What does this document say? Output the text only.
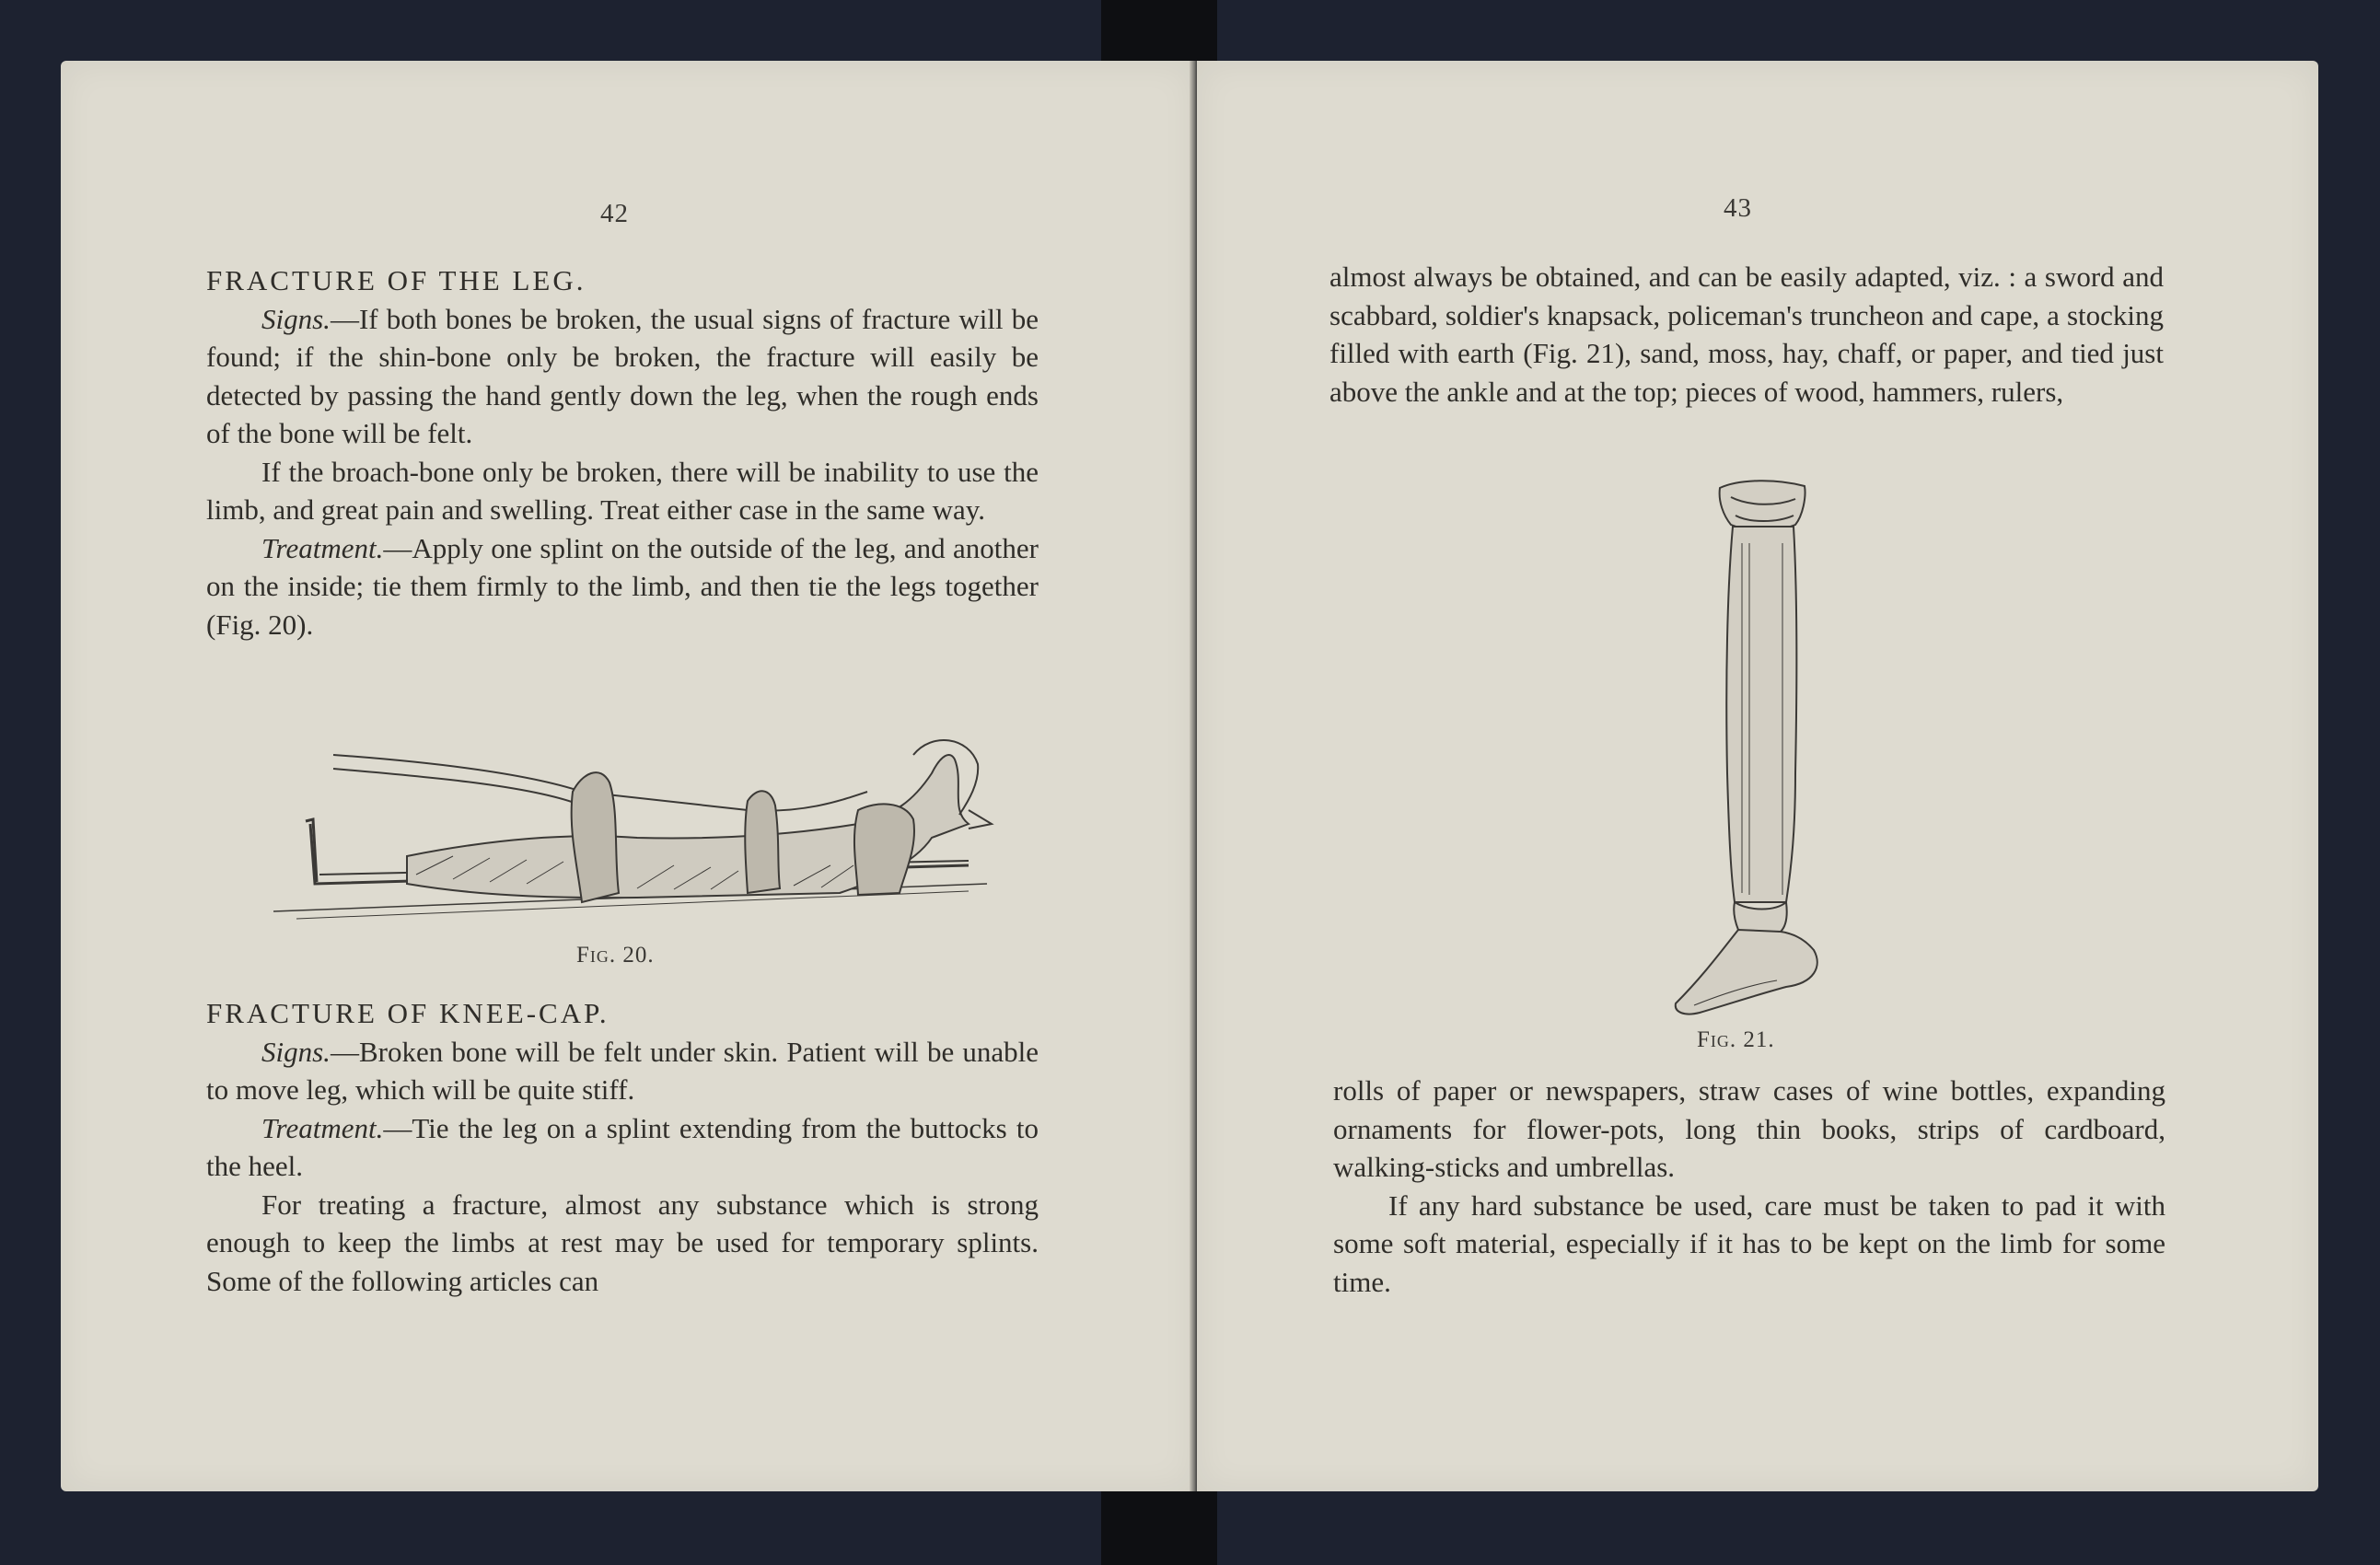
42

FRACTURE OF THE LEG.

Signs.—If both bones be broken, the usual signs of fracture will be found; if the shin-bone only be broken, the fracture will easily be detected by passing the hand gently down the leg, when the rough ends of the bone will be felt.

If the broach-bone only be broken, there will be inability to use the limb, and great pain and swelling. Treat either case in the same way.

Treatment.—Apply one splint on the outside of the leg, and another on the inside; tie them firmly to the limb, and then tie the legs together (Fig. 20).

Fig. 20.

FRACTURE OF KNEE-CAP.

Signs.—Broken bone will be felt under skin. Patient will be unable to move leg, which will be quite stiff.

Treatment.—Tie the leg on a splint extending from the buttocks to the heel.

For treating a fracture, almost any substance which is strong enough to keep the limbs at rest may be used for temporary splints. Some of the following articles can

43

almost always be obtained, and can be easily adapted, viz. : a sword and scabbard, soldier's knapsack, policeman's truncheon and cape, a stocking filled with earth (Fig. 21), sand, moss, hay, chaff, or paper, and tied just above the ankle and at the top; pieces of wood, hammers, rulers,

Fig. 21.

rolls of paper or newspapers, straw cases of wine bottles, expanding ornaments for flower-pots, long thin books, strips of cardboard, walking-sticks and umbrellas.

If any hard substance be used, care must be taken to pad it with some soft material, especially if it has to be kept on the limb for some time.
